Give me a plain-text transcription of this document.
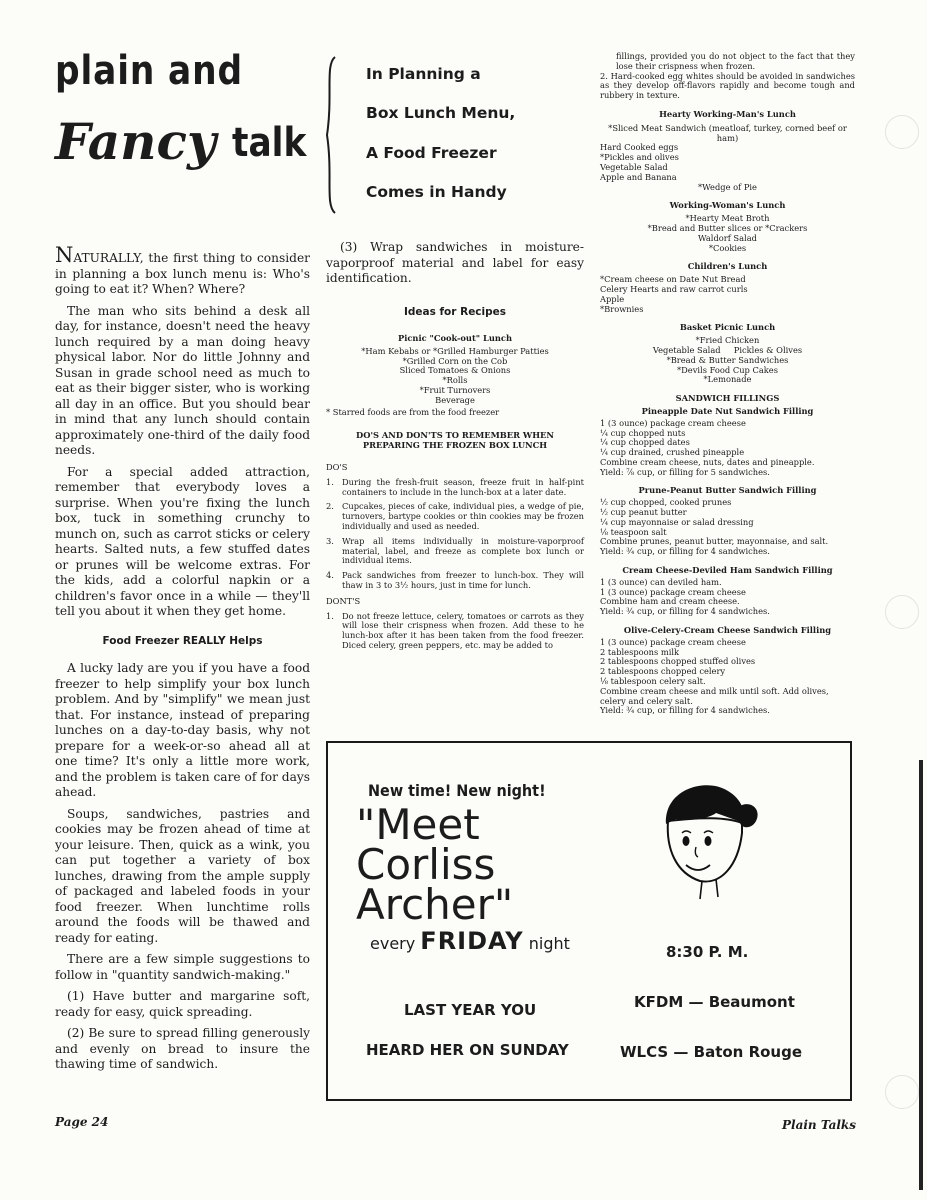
plain and
Fancy talk
In Planning a
Box Lunch Menu,
A Food Freezer
Comes in Handy

NATURALLY, the first thing to consider in planning a box lunch menu is: Who's going to eat it? When? Where?

The man who sits behind a desk all day, for instance, doesn't need the heavy lunch required by a man doing heavy physical labor. Nor do little Johnny and Susan in grade school need as much to eat as their bigger sister, who is working all day in an office. But you should bear in mind that any lunch should contain approximately one-third of the daily food needs.

For a special added attraction, remember that everybody loves a surprise. When you're fixing the lunch box, tuck in something crunchy to munch on, such as carrot sticks or celery hearts. Salted nuts, a few stuffed dates or prunes will be welcome extras. For the kids, add a colorful napkin or a children's favor once in a while — they'll tell you about it when they get home.

Food Freezer REALLY Helps

A lucky lady are you if you have a food freezer to help simplify your box lunch problem. And by "simplify" we mean just that. For instance, instead of preparing lunches on a day-to-day basis, why not prepare for a week-or-so ahead all at one time? It's only a little more work, and the problem is taken care of for days ahead.

Soups, sandwiches, pastries and cookies may be frozen ahead of time at your leisure. Then, quick as a wink, you can put together a variety of box lunches, drawing from the ample supply of packaged and labeled foods in your food freezer. When lunchtime rolls around the foods will be thawed and ready for eating.

There are a few simple suggestions to follow in "quantity sandwich-making."

(1) Have butter and margarine soft, ready for easy, quick spreading.

(2) Be sure to spread filling generously and evenly on bread to insure the thawing time of sandwich.

(3) Wrap sandwiches in moisture-vaporproof material and label for easy identification.

Ideas for Recipes
Picnic "Cook-out" Lunch
*Ham Kebabs or *Grilled Hamburger Patties
*Grilled Corn on the Cob
Sliced Tomatoes & Onions
*Rolls
*Fruit Turnovers
Beverage
* Starred foods are from the food freezer
DO'S AND DON'TS TO REMEMBER WHEN PREPARING THE FROZEN BOX LUNCH
DO'S
1. During the fresh-fruit season, freeze fruit in half-pint containers to include in the lunch-box at a later date.
2. Cupcakes, pieces of cake, individual pies, a wedge of pie, turnovers, bartype cookies or thin cookies may be frozen individually and used as needed.
3. Wrap all items individually in moisture-vaporproof material, label, and freeze as complete box lunch or individual items.
4. Pack sandwiches from freezer to lunch-box. They will thaw in 3 to 3½ hours, just in time for lunch.
DONT'S
1. Do not freeze lettuce, celery, tomatoes or carrots as they will lose their crispness when frozen. Add these to he lunch-box after it has been taken from the food freezer. Diced celery, green peppers, etc. may be added to
fillings, provided you do not object to the fact that they lose their crispness when frozen.
2. Hard-cooked egg whites should be avoided in sandwiches as they develop off-flavors rapidly and become tough and rubbery in texture.
Hearty Working-Man's Lunch
*Sliced Meat Sandwich (meatloaf, turkey, corned beef or ham)
Hard Cooked eggs
*Pickles and olives
Vegetable Salad
Apple and Banana
*Wedge of Pie
Working-Woman's Lunch
*Hearty Meat Broth
*Bread and Butter slices or *Crackers
Waldorf Salad
*Cookies
Children's Lunch
*Cream cheese on Date Nut Bread
Celery Hearts and raw carrot curls
Apple
*Brownies
Basket Picnic Lunch
*Fried Chicken
Vegetable Salad     Pickles & Olives
*Bread & Butter Sandwiches
*Devils Food Cup Cakes
*Lemonade
SANDWICH FILLINGS
Pineapple Date Nut Sandwich Filling
1 (3 ounce) package cream cheese
¼ cup chopped nuts
¼ cup chopped dates
¼ cup drained, crushed pineapple
Combine cream cheese, nuts, dates and pineapple.
Yield: ⅞ cup, or filling for 5 sandwiches.
Prune-Peanut Butter Sandwich Filling
½ cup chopped, cooked prunes
½ cup peanut butter
¼ cup mayonnaise or salad dressing
⅛ teaspoon salt
Combine prunes, peanut butter, mayonnaise, and salt.
Yield: ¾ cup, or filling for 4 sandwiches.
Cream Cheese-Deviled Ham Sandwich Filling
1 (3 ounce) can deviled ham.
1 (3 ounce) package cream cheese
Combine ham and cream cheese.
Yield: ¾ cup, or filling for 4 sandwiches.
Olive-Celery-Cream Cheese Sandwich Filling
1 (3 ounce) package cream cheese
2 tablespoons milk
2 tablespoons chopped stuffed olives
2 tablespoons chopped celery
⅛ tablespoon celery salt.
Combine cream cheese and milk until soft. Add olives, celery and celery salt.
Yield: ¾ cup, or filling for 4 sandwiches.
New time! New night!
"Meet
Corliss
Archer"
every FRIDAY night	8:30 P. M.
LAST YEAR YOU	KFDM — Beaumont
HEARD HER ON SUNDAY	WLCS — Baton Rouge
Page 24	Plain Talks
